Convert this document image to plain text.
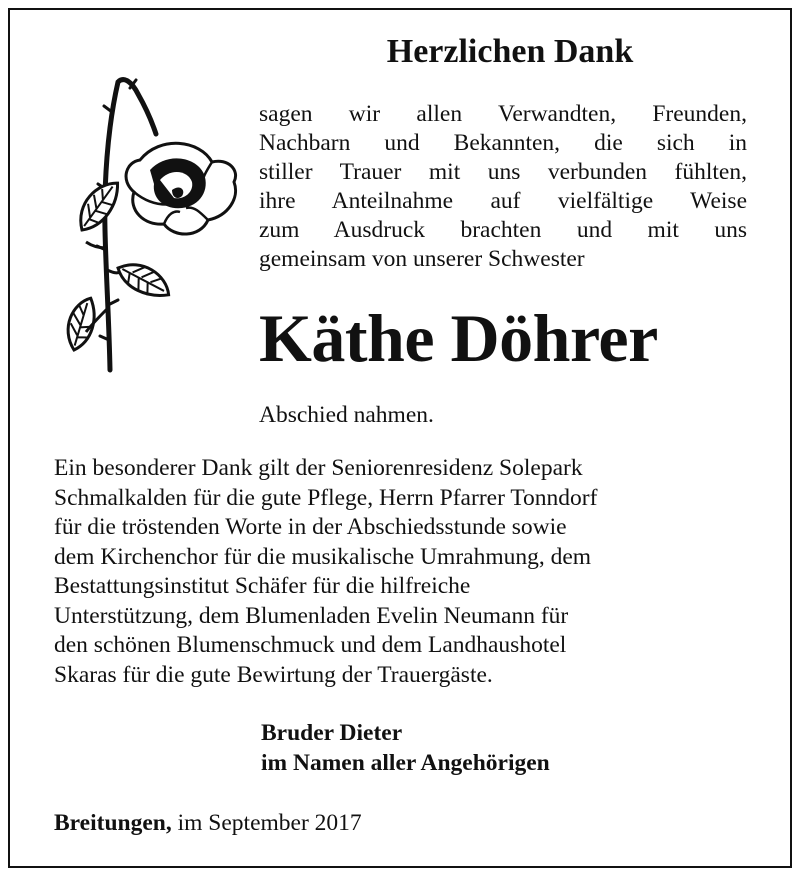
Herzlichen Dank
sagen wir allen Verwandten, Freunden,
Nachbarn und Bekannten, die sich in
stiller Trauer mit uns verbunden fühlten,
ihre Anteilnahme auf vielfältige Weise
zum Ausdruck brachten und mit uns
gemeinsam von unserer Schwester
Käthe Döhrer
Abschied nahmen.
Ein besonderer Dank gilt der Seniorenresidenz Solepark
Schmalkalden für die gute Pflege, Herrn Pfarrer Tonndorf
für die tröstenden Worte in der Abschiedsstunde sowie
dem Kirchenchor für die musikalische Umrahmung, dem
Bestattungsinstitut Schäfer für die hilfreiche
Unterstützung, dem Blumenladen Evelin Neumann für
den schönen Blumenschmuck und dem Landhaushotel
Skaras für die gute Bewirtung der Trauergäste.
Bruder Dieter
im Namen aller Angehörigen
Breitungen, im September 2017
